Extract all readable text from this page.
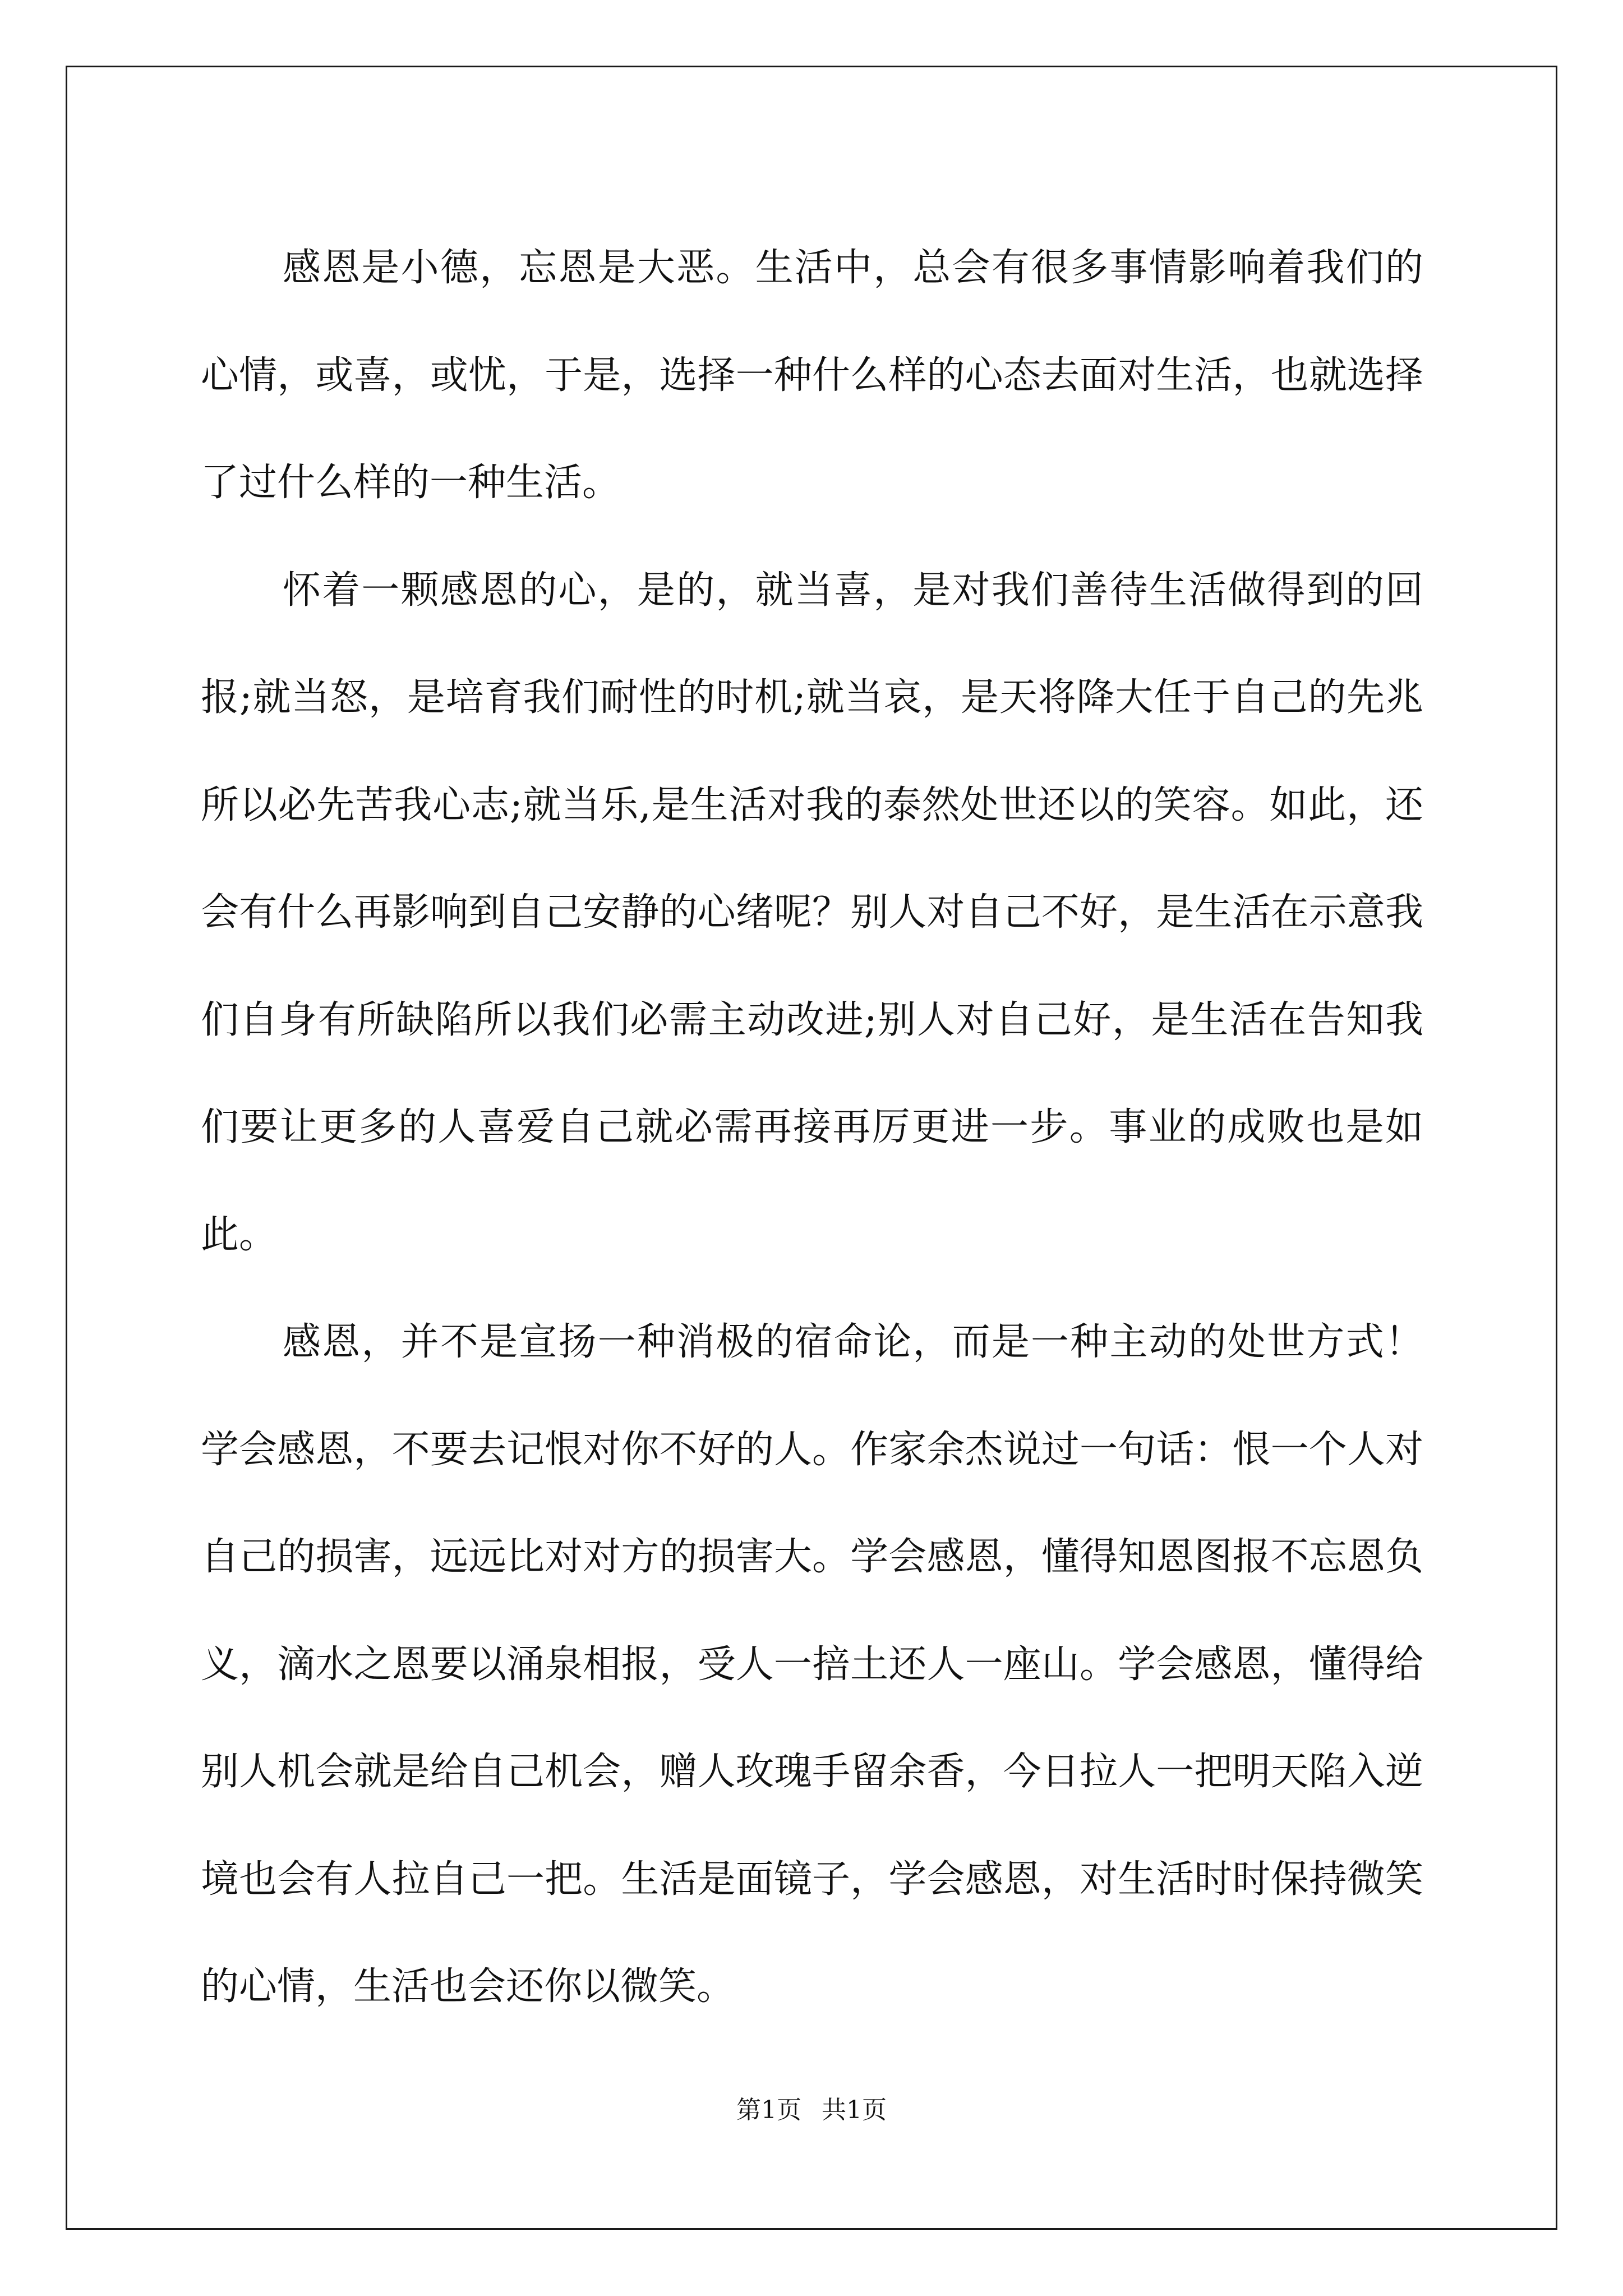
感恩是小德，忘恩是大恶。生活中，总会有很多事情影响着我们的心情，或喜，或忧，于是，选择一种什么样的心态去面对生活，也就选择了过什么样的一种生活。

怀着一颗感恩的心，是的，就当喜，是对我们善待生活做得到的回报;就当怒，是培育我们耐性的时机;就当哀，是天将降大任于自己的先兆所以必先苦我心志;就当乐,是生活对我的泰然处世还以的笑容。如此，还会有什么再影响到自己安静的心绪呢？别人对自己不好，是生活在示意我们自身有所缺陷所以我们必需主动改进;别人对自己好，是生活在告知我们要让更多的人喜爱自己就必需再接再厉更进一步。事业的成败也是如此。

感恩，并不是宣扬一种消极的宿命论，而是一种主动的处世方式！学会感恩，不要去记恨对你不好的人。作家余杰说过一句话：恨一个人对自己的损害，远远比对对方的损害大。学会感恩，懂得知恩图报不忘恩负义，滴水之恩要以涌泉相报，受人一掊土还人一座山。学会感恩，懂得给别人机会就是给自己机会，赠人玫瑰手留余香，今日拉人一把明天陷入逆境也会有人拉自己一把。生活是面镜子，学会感恩，对生活时时保持微笑的心情，生活也会还你以微笑。

第1页 共1页
